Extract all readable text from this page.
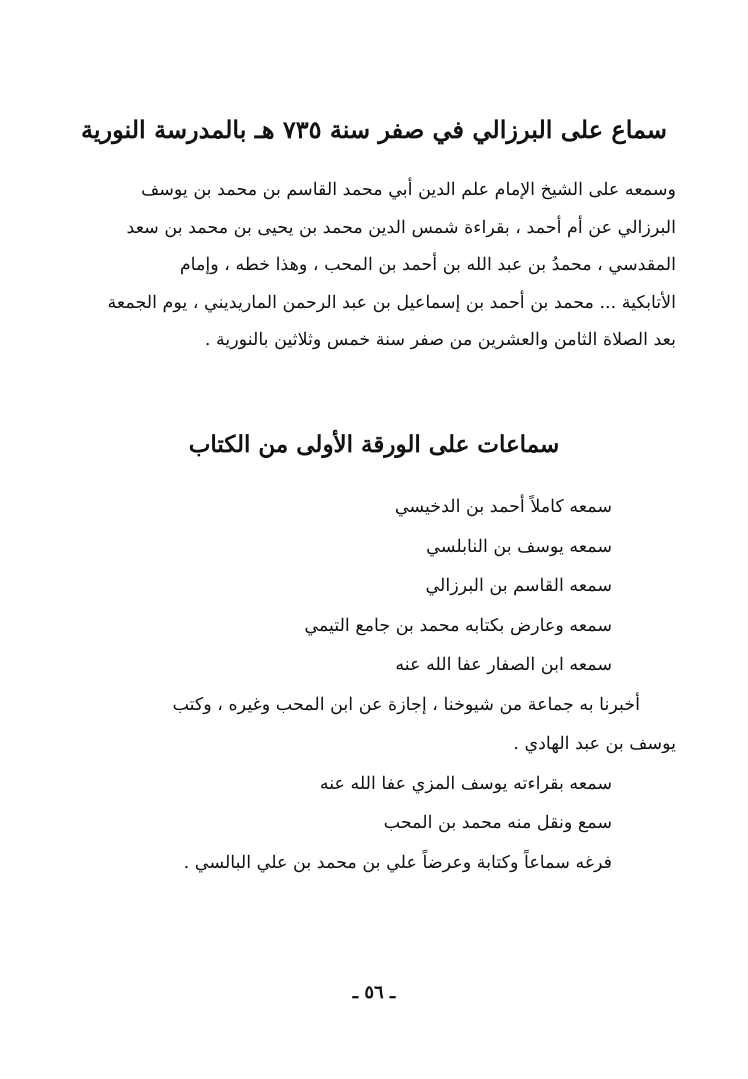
سماع على البرزالي في صفر سنة ٧٣٥ هـ بالمدرسة النورية
وسمعه على الشيخ الإمام علم الدين أبي محمد القاسم بن محمد بن يوسف
البرزالي عن أم أحمد ، بقراءة شمس الدين محمد بن يحيى بن محمد بن سعد
المقدسي ، محمدُ بن عبد الله بن أحمد بن المحب ، وهذا خطه ، وإمام
الأتابكية ... محمد بن أحمد بن إسماعيل بن عبد الرحمن الماريديني ، يوم الجمعة
بعد الصلاة الثامن والعشرين من صفر سنة خمس وثلاثين بالنورية .
سماعات على الورقة الأولى من الكتاب
سمعه كاملاً أحمد بن الدخيسي
سمعه يوسف بن النابلسي
سمعه القاسم بن البرزالي
سمعه وعارض بكتابه محمد بن جامع التيمي
سمعه ابن الصفار عفا الله عنه
أخبرنا به جماعة من شيوخنا ، إجازة عن ابن المحب وغيره ، وكتب
يوسف بن عبد الهادي .
سمعه بقراءته يوسف المزي عفا الله عنه
سمع ونقل منه محمد بن المحب
فرغه سماعاً وكتابة وعرضاً علي بن محمد بن علي البالسي .
ـ ٥٦ ـ
